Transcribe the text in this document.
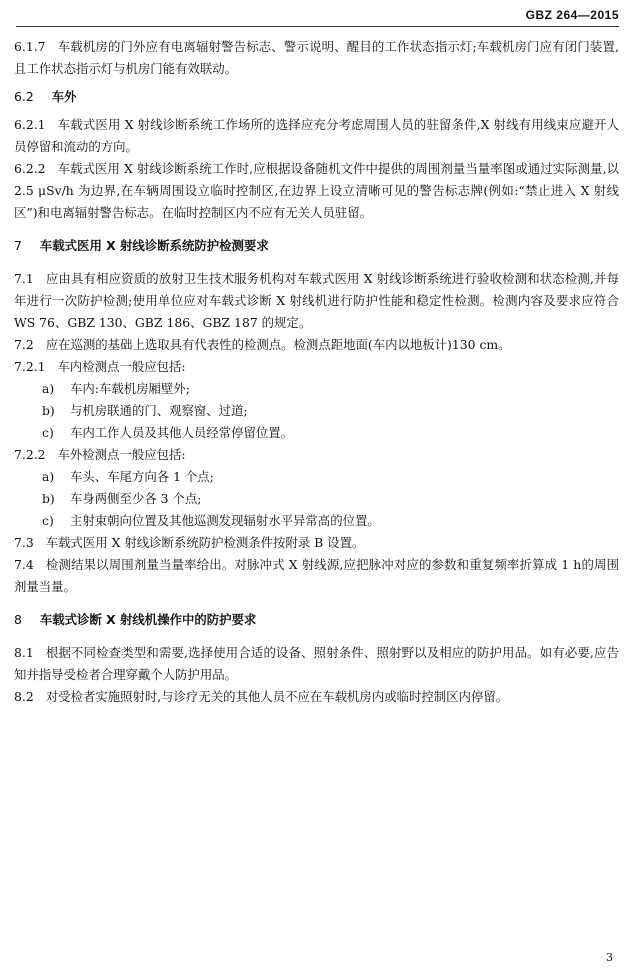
GBZ 264—2015

6.1.7 车载机房的门外应有电离辐射警告标志、警示说明、醒目的工作状态指示灯;车载机房门应有闭门装置,且工作状态指示灯与机房门能有效联动。

6.2 车外

6.2.1 车载式医用 X 射线诊断系统工作场所的选择应充分考虑周围人员的驻留条件,X 射线有用线束应避开人员停留和流动的方向。

6.2.2 车载式医用 X 射线诊断系统工作时,应根据设备随机文件中提供的周围剂量当量率图或通过实际测量,以 2.5 μSv/h 为边界,在车辆周围设立临时控制区,在边界上设立清晰可见的警告标志牌(例如:“禁止进入 X 射线区”)和电离辐射警告标志。在临时控制区内不应有无关人员驻留。

7 车载式医用 X 射线诊断系统防护检测要求

7.1 应由具有相应资质的放射卫生技术服务机构对车载式医用 X 射线诊断系统进行验收检测和状态检测,并每年进行一次防护检测;使用单位应对车载式诊断 X 射线机进行防护性能和稳定性检测。检测内容及要求应符合 WS 76、GBZ 130、GBZ 186、GBZ 187 的规定。

7.2 应在巡测的基础上选取具有代表性的检测点。检测点距地面(车内以地板计)130 cm。

7.2.1 车内检测点一般应包括:

a) 车内:车载机房厢壁外;

b) 与机房联通的门、观察窗、过道;

c) 车内工作人员及其他人员经常停留位置。

7.2.2 车外检测点一般应包括:

a) 车头、车尾方向各 1 个点;

b) 车身两侧至少各 3 个点;

c) 主射束朝向位置及其他巡测发现辐射水平异常高的位置。

7.3 车载式医用 X 射线诊断系统防护检测条件按附录 B 设置。

7.4 检测结果以周围剂量当量率给出。对脉冲式 X 射线源,应把脉冲对应的参数和重复频率折算成 1 h的周围剂量当量。

8 车载式诊断 X 射线机操作中的防护要求

8.1 根据不同检查类型和需要,选择使用合适的设备、照射条件、照射野以及相应的防护用品。如有必要,应告知并指导受检者合理穿戴个人防护用品。

8.2 对受检者实施照射时,与诊疗无关的其他人员不应在车载机房内或临时控制区内停留。

3
